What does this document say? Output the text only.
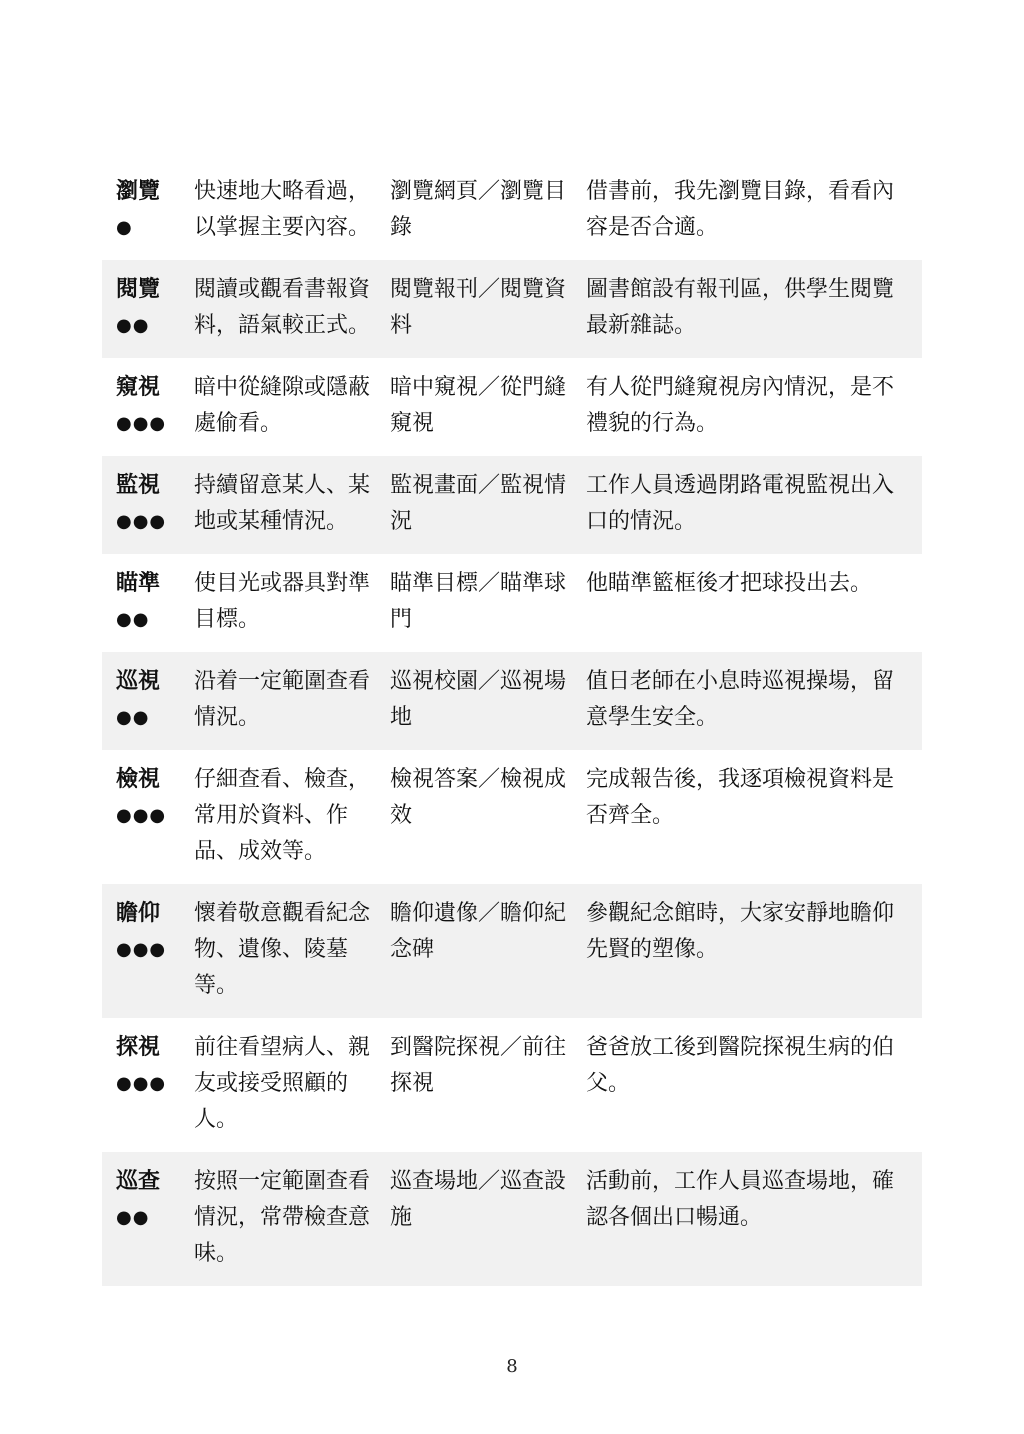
瀏覽
●	快速地大略看過，以掌握主要內容。	瀏覽網頁／瀏覽目錄	借書前，我先瀏覽目錄，看看內容是否合適。

閱覽
●●	閱讀或觀看書報資料，語氣較正式。	閱覽報刊／閱覽資料	圖書館設有報刊區，供學生閱覽最新雜誌。

窺視
●●●	暗中從縫隙或隱蔽處偷看。	暗中窺視／從門縫窺視	有人從門縫窺視房內情況，是不禮貌的行為。

監視
●●●	持續留意某人、某地或某種情況。	監視畫面／監視情況	工作人員透過閉路電視監視出入口的情況。

瞄準
●●	使目光或器具對準目標。	瞄準目標／瞄準球門	他瞄準籃框後才把球投出去。

巡視
●●	沿着一定範圍查看情況。	巡視校園／巡視場地	值日老師在小息時巡視操場，留意學生安全。

檢視
●●●	仔細查看、檢查，常用於資料、作品、成效等。	檢視答案／檢視成效	完成報告後，我逐項檢視資料是否齊全。

瞻仰
●●●	懷着敬意觀看紀念物、遺像、陵墓等。	瞻仰遺像／瞻仰紀念碑	參觀紀念館時，大家安靜地瞻仰先賢的塑像。

探視
●●●	前往看望病人、親友或接受照顧的人。	到醫院探視／前往探視	爸爸放工後到醫院探視生病的伯父。

巡查
●●	按照一定範圍查看情況，常帶檢查意味。	巡查場地／巡查設施	活動前，工作人員巡查場地，確認各個出口暢通。
8
